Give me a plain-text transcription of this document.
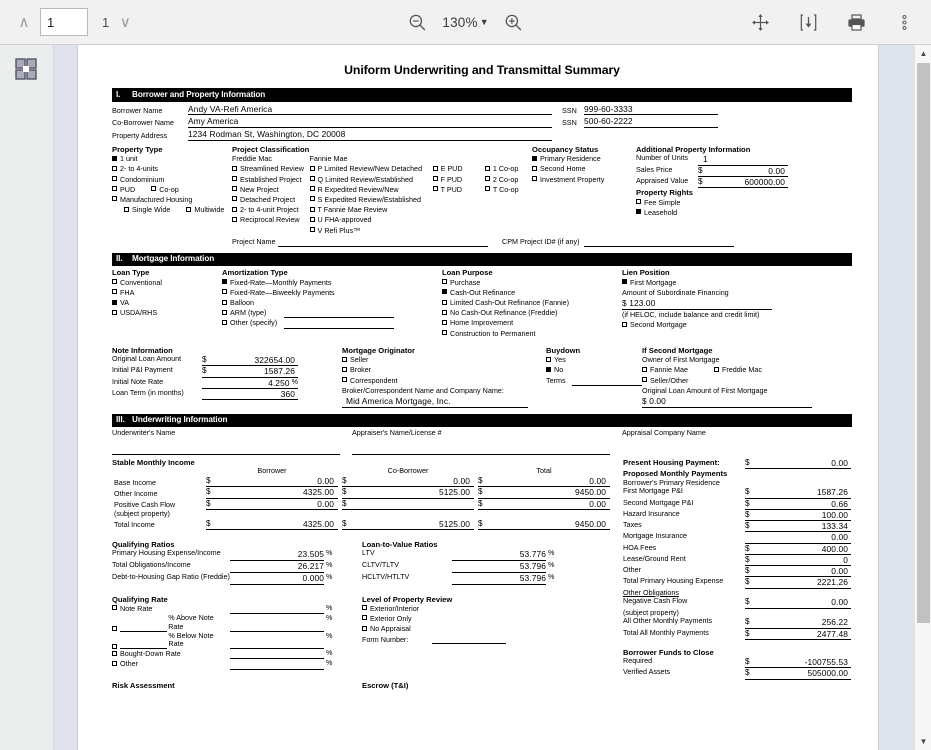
∧
1	1 ∨	130% ▼
▲
▼
Uniform Underwriting and Transmittal Summary
I. Borrower and Property Information
Borrower Name	Andy VA-Refi America
Co-Borrower Name	Amy America
Property Address	1234 Rodman St, Washington, DC 20008
SSN 999-60-3333
SSN 500-60-2222
Property Type
1 unit
2- to 4-units
Condominium
PUD	Co-op
Manufactured Housing
Single Wide	Multiwide
Project Classification
Freddie Mac
Streamlined Review
Established Project
New Project
Detached Project
2- to 4-unit Project
Reciprocal Review
Fannie Mae
P Limited Review/New Detached
Q Limited Review/Established
R Expedited Review/New
S Expedited Review/Established
T Fannie Mae Review
U FHA-approved
V Refi Plus™

E PUD
F PUD
T PUD

1 Co-op
2 Co-op
T Co-op
Occupancy Status
Primary Residence
Second Home
Investment Property
Additional Property Information
Number of Units	1
Sales Price	$	0.00
Appraised Value	$	600000.00
Property Rights
Fee Simple
Leasehold
Project Name	CPM Project ID# (if any)
II. Mortgage Information
Loan Type
Conventional
FHA
VA
USDA/RHS
Amortization Type
Fixed-Rate—Monthly Payments
Fixed-Rate—Biweekly Payments
Balloon
ARM (type)
Other (specify)
Loan Purpose
Purchase
Cash-Out Refinance
Limited Cash-Out Refinance (Fannie)
No Cash-Out Refinance (Freddie)
Home Improvement
Construction to Permanent
Lien Position
First Mortgage
Amount of Subordinate Financing
$ 123.00
(if HELOC, include balance and credit limit)
Second Mortgage
Note Information
Original Loan Amount	$	322654.00
Initial P&I Payment	$	1587.26
Initial Note Rate	4.250 %
Loan Term (in months)	360
Mortgage Originator
Seller
Broker
Correspondent
Broker/Correspondent Name and Company Name:
Mid America Mortgage, Inc.
Buydown
Yes
No
Terms
If Second Mortgage
Owner of First Mortgage
Fannie Mae	Freddie Mac
Seller/Other
Original Loan Amount of First Mortgage
$ 0.00
III. Underwriting Information
Underwriter's Name	Appraiser's Name/License #	Appraisal Company Name
Stable Monthly Income
	Borrower	Co-Borrower	Total
Base Income	$ 0.00	$ 0.00	$ 0.00

Other Income	$ 4325.00	$ 5125.00	$ 9450.00

Positive Cash Flow	$ 0.00	$	$ 0.00

(subject property)			
Total Income	$ 4325.00	$ 5125.00	$ 9450.00
Qualifying Ratios
Primary Housing Expense/Income	23.505 %
Total Obligations/Income	26.217 %
Debt-to-Housing Gap Ratio (Freddie)	0.000 %
Loan-to-Value Ratios
LTV	53.776 %
CLTV/TLTV	53.796 %
HCLTV/HTLTV	53.796 %
Qualifying Rate
Note Rate	%
% Above Note Rate
%
% Below Note Rate
%
Bought-Down Rate	%
Other	%
Level of Property Review
Exterior/Interior
Exterior Only
No Appraisal
Form Number:
Risk Assessment	Escrow (T&I)
Present Housing Payment:	$	0.00
Proposed Monthly Payments
Borrower's Primary Residence
First Mortgage P&I	$	1587.26
Second Mortgage P&I	$	0.66
Hazard Insurance	$	100.00
Taxes	$	133.34
Mortgage Insurance
	0.00
HOA Fees	$	400.00
Lease/Ground Rent	$	0
Other	$	0.00
Total Primary Housing Expense	$	2221.26
Other Obligations
Negative Cash Flow	$	0.00
(subject property)
All Other Monthly Payments	$	256.22
Total All Monthly Payments	$	2477.48
Borrower Funds to Close
Required	$	-100755.53
Verified Assets	$	505000.00
